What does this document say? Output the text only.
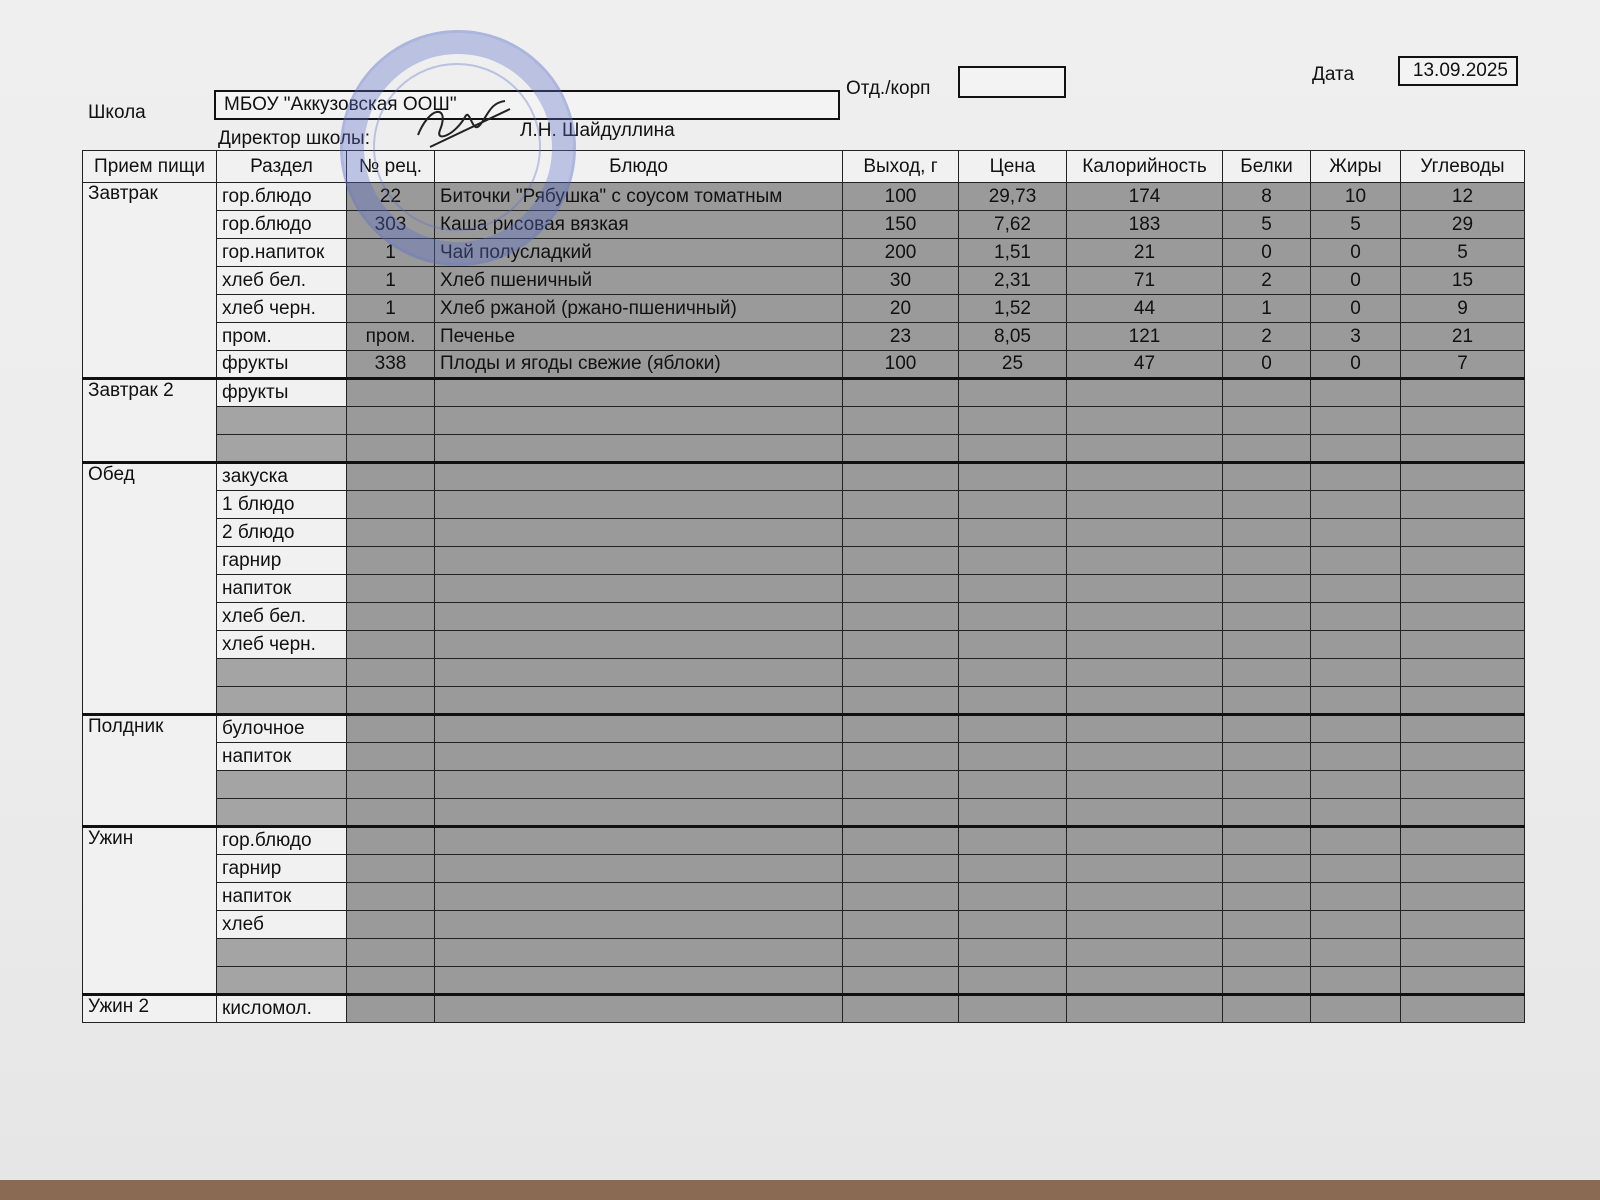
Школа	МБОУ "Аккузовская ООШ"
Отд./корп
Дата	13.09.2025
Директор школы:	Л.Н. Шайдуллина
Прием пищи	Раздел	№ рец.	Блюдо	Выход, г	Цена	Калорийность	Белки	Жиры	Углеводы
Завтрак	гор.блюдо	22	Биточки "Рябушка" с соусом томатным	100	29,73	174	8	10	12
	гор.блюдо	303	Каша рисовая вязкая	150	7,62	183	5	5	29
	гор.напиток	1	Чай полусладкий	200	1,51	21	0	0	5
	хлеб бел.	1	Хлеб пшеничный	30	2,31	71	2	0	15
	хлеб черн.	1	Хлеб ржаной (ржано-пшеничный)	20	1,52	44	1	0	9
	пром.	пром.	Печенье	23	8,05	121	2	3	21
	фрукты	338	Плоды и ягоды свежие (яблоки)	100	25	47	0	0	7
Завтрак 2	фрукты								

Обед	закуска								
	1 блюдо								
	2 блюдо								
	гарнир								
	напиток								
	хлеб бел.								
	хлеб черн.								

Полдник	булочное								
	напиток								

Ужин	гор.блюдо								
	гарнир								
	напиток								
	хлеб								

Ужин 2	кисломол.								
